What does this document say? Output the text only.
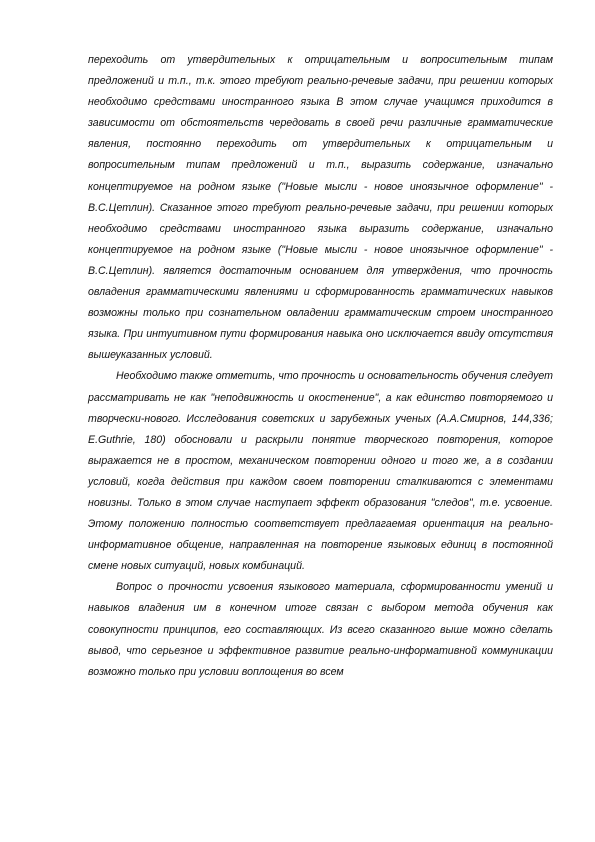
переходить от утвердительных к отрицательным и вопросительным типам предложений и т.п., т.к. этого требуют реально-речевые задачи, при решении которых необходимо средствами иностранного языка В этом случае учащимся приходится в зависимости от обстоятельств чередовать в своей речи различные грамматические явления, постоянно переходить от утвердительных к отрицательным и вопросительным типам предложений и т.п., выразить содержание, изначально концептируемое на родном языке ("Новые мысли - новое иноязычное оформление" - В.С.Цетлин). Сказанное этого требуют реально-речевые задачи, при решении которых необходимо средствами иностранного языка выразить содержание, изначально концептируемое на родном языке ("Новые мысли - новое иноязычное оформление" - В.С.Цетлин). является достаточным основанием для утверждения, что прочность овладения грамматическими явлениями и сформированность грамматических навыков возможны только при сознательном овладении грамматическим строем иностранного языка. При интуитивном пути формирования навыка оно исключается ввиду отсутствия вышеуказанных условий.

Необходимо также отметить, что прочность и основательность обучения следует рассматривать не как "неподвижность и окостенение", а как единство повторяемого и творчески-нового. Исследования советских и зарубежных ученых (А.А.Смирнов, 144,336; E.Guthrie, 180) обосновали и раскрыли понятие творческого повторения, которое выражается не в простом, механическом повторении одного и того же, а в создании условий, когда действия при каждом своем повторении сталкиваются с элементами новизны. Только в этом случае наступает эффект образования "следов", т.е. усвоение. Этому положению полностью соответствует предлагаемая ориентация на реально-информативное общение, направленная на повторение языковых единиц в постоянной смене новых ситуаций, новых комбинаций.

Вопрос о прочности усвоения языкового материала, сформированности умений и навыков владения им в конечном итоге связан с выбором метода обучения как совокупности принципов, его составляющих. Из всего сказанного выше можно сделать вывод, что серьезное и эффективное развитие реально-информативной коммуникации возможно только при условии воплощения во всем
